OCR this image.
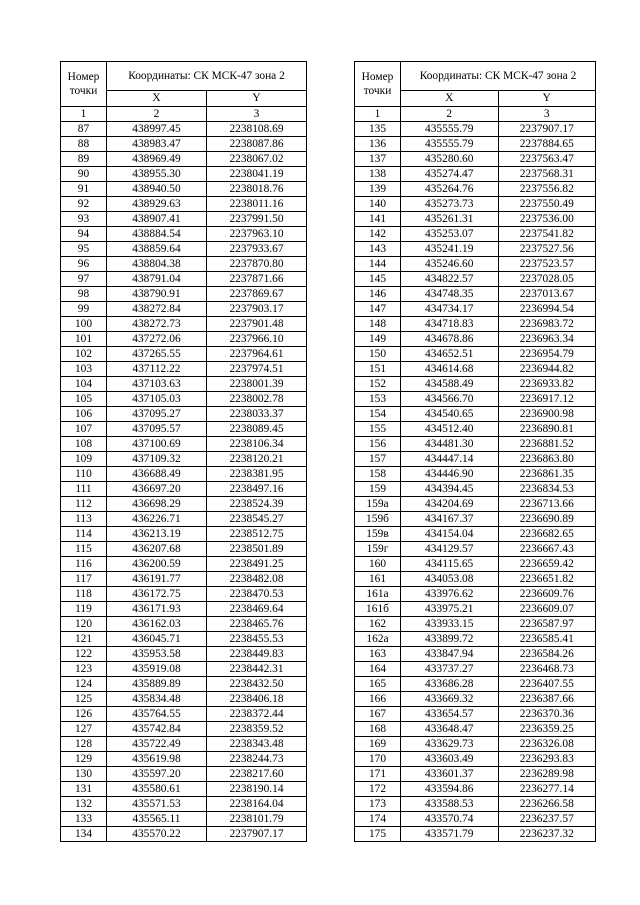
Номер точки	Координаты: СК МСК-47 зона 2	
	X	Y
1	2	3
87	438997.45	2238108.69
88	438983.47	2238087.86
89	438969.49	2238067.02
90	438955.30	2238041.19
91	438940.50	2238018.76
92	438929.63	2238011.16
93	438907.41	2237991.50
94	438884.54	2237963.10
95	438859.64	2237933.67
96	438804.38	2237870.80
97	438791.04	2237871.66
98	438790.91	2237869.67
99	438272.84	2237903.17
100	438272.73	2237901.48
101	437272.06	2237966.10
102	437265.55	2237964.61
103	437112.22	2237974.51
104	437103.63	2238001.39
105	437105.03	2238002.78
106	437095.27	2238033.37
107	437095.57	2238089.45
108	437100.69	2238106.34
109	437109.32	2238120.21
110	436688.49	2238381.95
111	436697.20	2238497.16
112	436698.29	2238524.39
113	436226.71	2238545.27
114	436213.19	2238512.75
115	436207.68	2238501.89
116	436200.59	2238491.25
117	436191.77	2238482.08
118	436172.75	2238470.53
119	436171.93	2238469.64
120	436162.03	2238465.76
121	436045.71	2238455.53
122	435953.58	2238449.83
123	435919.08	2238442.31
124	435889.89	2238432.50
125	435834.48	2238406.18
126	435764.55	2238372.44
127	435742.84	2238359.52
128	435722.49	2238343.48
129	435619.98	2238244.73
130	435597.20	2238217.60
131	435580.61	2238190.14
132	435571.53	2238164.04
133	435565.11	2238101.79
134	435570.22	2237907.17
Номер точки	Координаты: СК МСК-47 зона 2	
	X	Y
1	2	3
135	435555.79	2237907.17
136	435555.79	2237884.65
137	435280.60	2237563.47
138	435274.47	2237568.31
139	435264.76	2237556.82
140	435273.73	2237550.49
141	435261.31	2237536.00
142	435253.07	2237541.82
143	435241.19	2237527.56
144	435246.60	2237523.57
145	434822.57	2237028.05
146	434748.35	2237013.67
147	434734.17	2236994.54
148	434718.83	2236983.72
149	434678.86	2236963.34
150	434652.51	2236954.79
151	434614.68	2236944.82
152	434588.49	2236933.82
153	434566.70	2236917.12
154	434540.65	2236900.98
155	434512.40	2236890.81
156	434481.30	2236881.52
157	434447.14	2236863.80
158	434446.90	2236861.35
159	434394.45	2236834.53
159а	434204.69	2236713.66
159б	434167.37	2236690.89
159в	434154.04	2236682.65
159г	434129.57	2236667.43
160	434115.65	2236659.42
161	434053.08	2236651.82
161а	433976.62	2236609.76
161б	433975.21	2236609.07
162	433933.15	2236587.97
162а	433899.72	2236585.41
163	433847.94	2236584.26
164	433737.27	2236468.73
165	433686.28	2236407.55
166	433669.32	2236387.66
167	433654.57	2236370.36
168	433648.47	2236359.25
169	433629.73	2236326.08
170	433603.49	2236293.83
171	433601.37	2236289.98
172	433594.86	2236277.14
173	433588.53	2236266.58
174	433570.74	2236237.57
175	433571.79	2236237.32
